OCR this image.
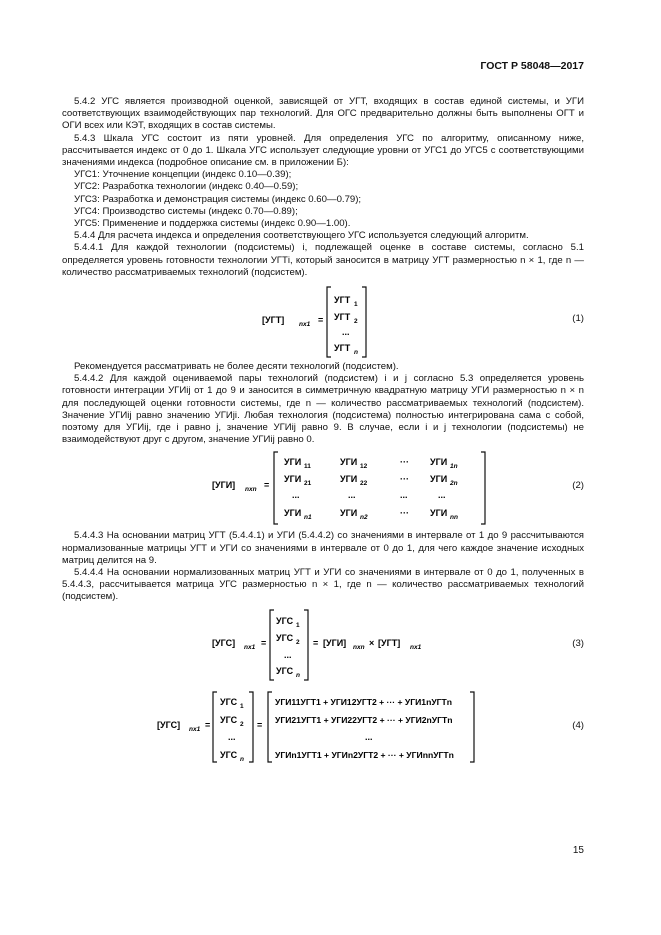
ГОСТ Р 58048—2017

5.4.2 УГС является производной оценкой, зависящей от УГТ, входящих в состав единой системы, и УГИ соответствующих взаимодействующих пар технологий. Для ОГС предварительно должны быть выполнены ОГТ и ОГИ всех или КЭТ, входящих в состав системы.

5.4.3 Шкала УГС состоит из пяти уровней. Для определения УГС по алгоритму, описанному ниже, рассчитывается индекс от 0 до 1. Шкала УГС использует следующие уровни от УГС1 до УГС5 с соответствующими значениями индекса (подробное описание см. в приложении Б):

УГС1: Уточнение концепции (индекс 0.10—0.39);
УГС2: Разработка технологии (индекс 0.40—0.59);
УГС3: Разработка и демонстрация системы (индекс 0.60—0.79);
УГС4: Производство системы (индекс 0.70—0.89);
УГС5: Применение и поддержка системы (индекс 0.90—1.00).

5.4.4 Для расчета индекса и определения соответствующего УГС используется следующий алгоритм.

5.4.4.1 Для каждой технологии (подсистемы) i, подлежащей оценке в составе системы, согласно 5.1 определяется уровень готовности технологии УГТi, который заносится в матрицу УГТ размерностью n × 1, где n — количество рассматриваемых технологий (подсистем).

[УГТ] nx1 =
УГТ 1
УГТ 2
...
УГТ n
(1)

Рекомендуется рассматривать не более десяти технологий (подсистем).

5.4.4.2 Для каждой оцениваемой пары технологий (подсистем) i и j согласно 5.3 определяется уровень готовности интеграции УГИij от 1 до 9 и заносится в симметричную квадратную матрицу УГИ размерностью n × n для последующей оценки готовности системы, где n — количество рассматриваемых технологий (подсистем). Значение УГИij равно значению УГИji. Любая технология (подсистема) полностью интегрирована сама с собой, поэтому для УГИij, где i равно j, значение УГИij равно 9. В случае, если i и j технологии (подсистемы) не взаимодействуют друг с другом, значение УГИij равно 0.

[УГИ] nxn =
УГИ 11	УГИ 12	··· УГИ 1n
УГИ 21	УГИ 22	··· УГИ 2n
...	...	...	...
УГИ n1	УГИ n2	··· УГИ nn
(2)

5.4.4.3 На основании матриц УГТ (5.4.4.1) и УГИ (5.4.4.2) со значениями в интервале от 1 до 9 рассчитываются нормализованные матрицы УГТ и УГИ со значениями в интервале от 0 до 1, для чего каждое значение исходных матриц делится на 9.

5.4.4.4 На основании нормализованных матриц УГТ и УГИ со значениями в интервале от 0 до 1, полученных в 5.4.4.3, рассчитывается матрица УГС размерностью n × 1, где n — количество рассматриваемых технологий (подсистем).

[УГС] nx1 =
УГС 1
УГС 2
...
УГС n
= [УГИ] nxn × [УГТ] nx1	(3)
[УГС] nx1 =
УГС 1
УГС 2
...
УГС n
=
УГИ11УГТ1 + УГИ12УГТ2 + ··· + УГИ1nУГТn
УГИ21УГТ1 + УГИ22УГТ2 + ··· + УГИ2nУГТn
...
УГИn1УГТ1 + УГИn2УГТ2 + ··· + УГИnnУГТn
(4)
15
